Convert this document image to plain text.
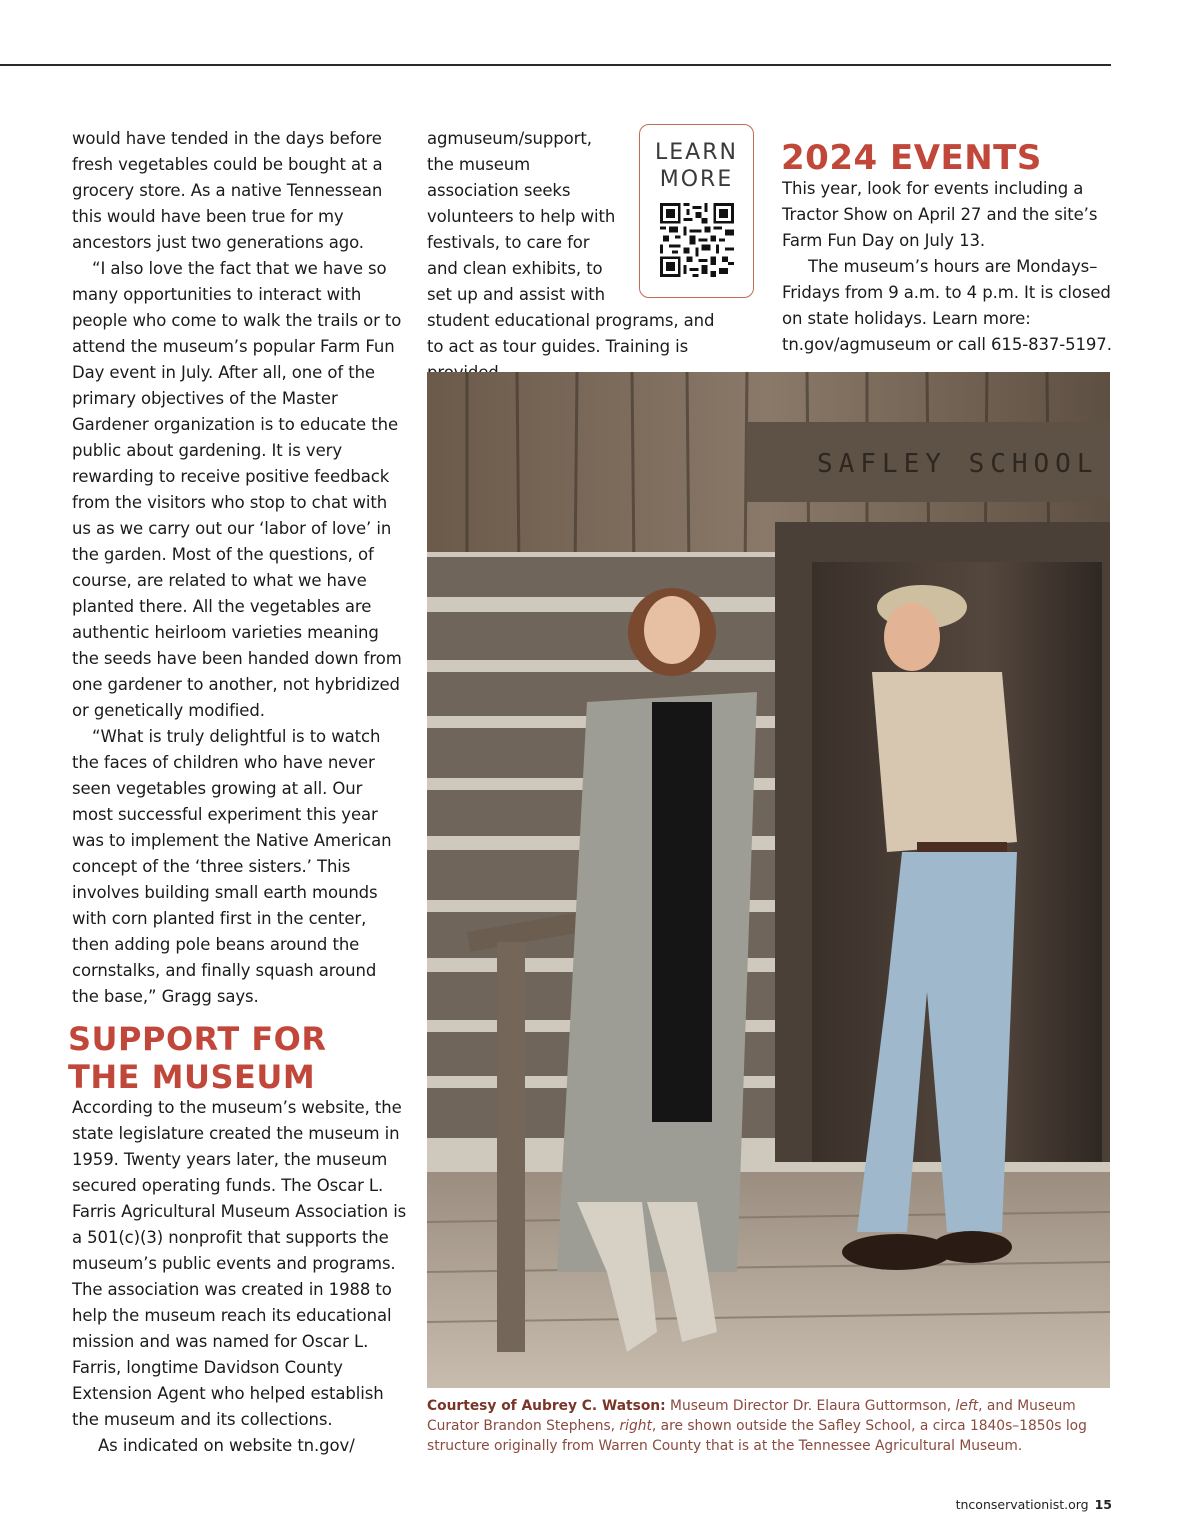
would have tended in the days before fresh vegetables could be bought at a grocery store. As a native Tennessean this would have been true for my ancestors just two generations ago.

“I also love the fact that we have so many opportunities to interact with people who come to walk the trails or to attend the museum’s popular Farm Fun Day event in July. After all, one of the primary objectives of the Master Gardener organization is to educate the public about gardening. It is very rewarding to receive positive feedback from the visitors who stop to chat with us as we carry out our ‘labor of love’ in the garden. Most of the questions, of course, are related to what we have planted there. All the vegetables are authentic heirloom varieties meaning the seeds have been handed down from one gardener to another, not hybridized or genetically modified.

“What is truly delightful is to watch the faces of children who have never seen vegetables growing at all. Our most successful experiment this year was to implement the Native American concept of the ‘three sisters.’ This involves building small earth mounds with corn planted first in the center, then adding pole beans around the cornstalks, and finally squash around the base,” Gragg says.

SUPPORT FOR THE MUSEUM

According to the museum’s website, the state legislature created the museum in 1959. Twenty years later, the museum secured operating funds. The Oscar L. Farris Agricultural Museum Association is a 501(c)(3) nonprofit that supports the museum’s public events and programs. The association was created in 1988 to help the museum reach its educational mission and was named for Oscar L. Farris, longtime Davidson County Extension Agent who helped establish the museum and its collections.

As indicated on website tn.gov/

agmuseum/support, the museum association seeks volunteers to help with festivals, to care for and clean exhibits, to set up and assist with student educational programs, and to act as tour guides. Training is

LEARN
MORE
2024 EVENTS

This year, look for events including a Tractor Show on April 27 and the site’s Farm Fun Day on July 13.

The museum’s hours are Mondays–Fridays from 9 a.m. to 4 p.m. It is closed on state holidays. Learn more: tn.gov/agmuseum or call 615-837-5197.

SAFLEY SCHOOL
Courtesy of Aubrey C. Watson: Museum Director Dr. Elaura Guttormson, left, and Museum Curator Brandon Stephens, right, are shown outside the Safley School, a circa 1840s–1850s log structure originally from Warren County that is at the Tennessee Agricultural Museum.
tnconservationist.org 15
